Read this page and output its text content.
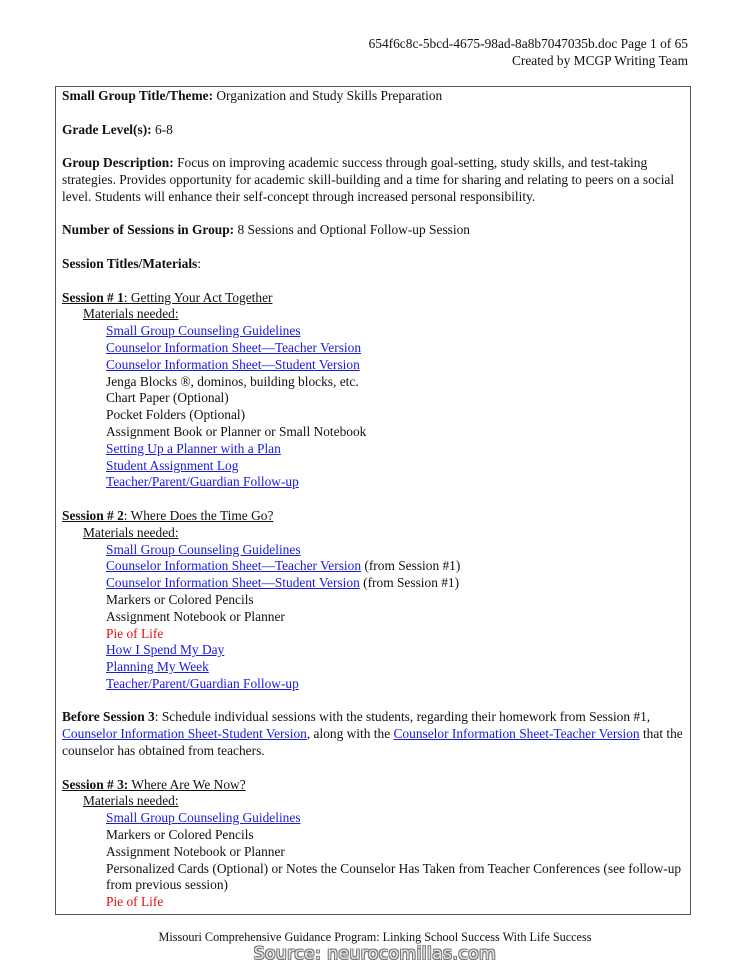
654f6c8c-5bcd-4675-98ad-8a8b7047035b.doc Page 1 of 65
Created by MCGP Writing Team

Small Group Title/Theme: Organization and Study Skills Preparation

Grade Level(s): 6-8

Group Description: Focus on improving academic success through goal-setting, study skills, and test-taking strategies. Provides opportunity for academic skill-building and a time for sharing and relating to peers on a social level. Students will enhance their self-concept through increased personal responsibility.

Number of Sessions in Group: 8 Sessions and Optional Follow-up Session

Session Titles/Materials:

Session # 1: Getting Your Act Together

Materials needed:

Small Group Counseling Guidelines

Counselor Information Sheet—Teacher Version

Counselor Information Sheet—Student Version

Jenga Blocks ®, dominos, building blocks, etc.

Chart Paper (Optional)

Pocket Folders (Optional)

Assignment Book or Planner or Small Notebook

Setting Up a Planner with a Plan

Student Assignment Log

Teacher/Parent/Guardian Follow-up

Session # 2: Where Does the Time Go?

Materials needed:

Small Group Counseling Guidelines

Counselor Information Sheet—Teacher Version (from Session #1)

Counselor Information Sheet—Student Version (from Session #1)

Markers or Colored Pencils

Assignment Notebook or Planner

Pie of Life

How I Spend My Day

Planning My Week

Teacher/Parent/Guardian Follow-up

Before Session 3: Schedule individual sessions with the students, regarding their homework from Session #1, Counselor Information Sheet-Student Version, along with the Counselor Information Sheet-Teacher Version that the counselor has obtained from teachers.

Session # 3: Where Are We Now?

Materials needed:

Small Group Counseling Guidelines

Markers or Colored Pencils

Assignment Notebook or Planner

Personalized Cards (Optional) or Notes the Counselor Has Taken from Teacher Conferences (see follow-up from previous session)

Pie of Life

Missouri Comprehensive Guidance Program: Linking School Success With Life Success
Source: neurocomillas.com
